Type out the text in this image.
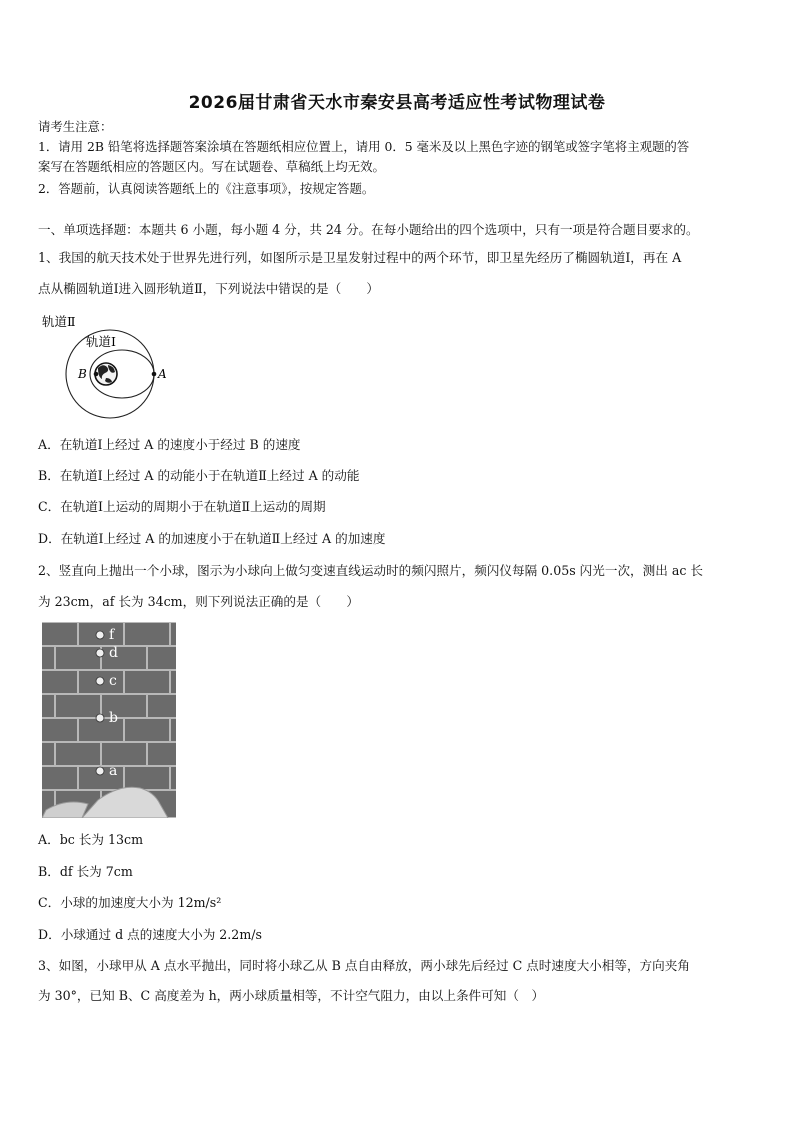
2026届甘肃省天水市秦安县高考适应性考试物理试卷
请考生注意：
1．请用 2B 铅笔将选择题答案涂填在答题纸相应位置上，请用 0．5 毫米及以上黑色字迹的钢笔或签字笔将主观题的答
案写在答题纸相应的答题区内。写在试题卷、草稿纸上均无效。
2．答题前，认真阅读答题纸上的《注意事项》，按规定答题。
一、单项选择题：本题共 6 小题，每小题 4 分，共 24 分。在每小题给出的四个选项中，只有一项是符合题目要求的。
1、我国的航天技术处于世界先进行列，如图所示是卫星发射过程中的两个环节，即卫星先经历了椭圆轨道Ⅰ，再在 A
点从椭圆轨道Ⅰ进入圆形轨道Ⅱ，下列说法中错误的是（　　）
轨道Ⅱ
轨道Ⅰ
B	A
A．在轨道Ⅰ上经过 A 的速度小于经过 B 的速度
B．在轨道Ⅰ上经过 A 的动能小于在轨道Ⅱ上经过 A 的动能
C．在轨道Ⅰ上运动的周期小于在轨道Ⅱ上运动的周期
D．在轨道Ⅰ上经过 A 的加速度小于在轨道Ⅱ上经过 A 的加速度
2、竖直向上抛出一个小球，图示为小球向上做匀变速直线运动时的频闪照片，频闪仪每隔 0.05s 闪光一次，测出 ac 长
为 23cm，af 长为 34cm，则下列说法正确的是（　　）
f
d
c
b
a
A．bc 长为 13cm
B．df 长为 7cm
C．小球的加速度大小为 12m/s²
D．小球通过 d 点的速度大小为 2.2m/s
3、如图，小球甲从 A 点水平抛出，同时将小球乙从 B 点自由释放，两小球先后经过 C 点时速度大小相等，方向夹角
为 30°，已知 B、C 高度差为 h，两小球质量相等，不计空气阻力，由以上条件可知（　）
